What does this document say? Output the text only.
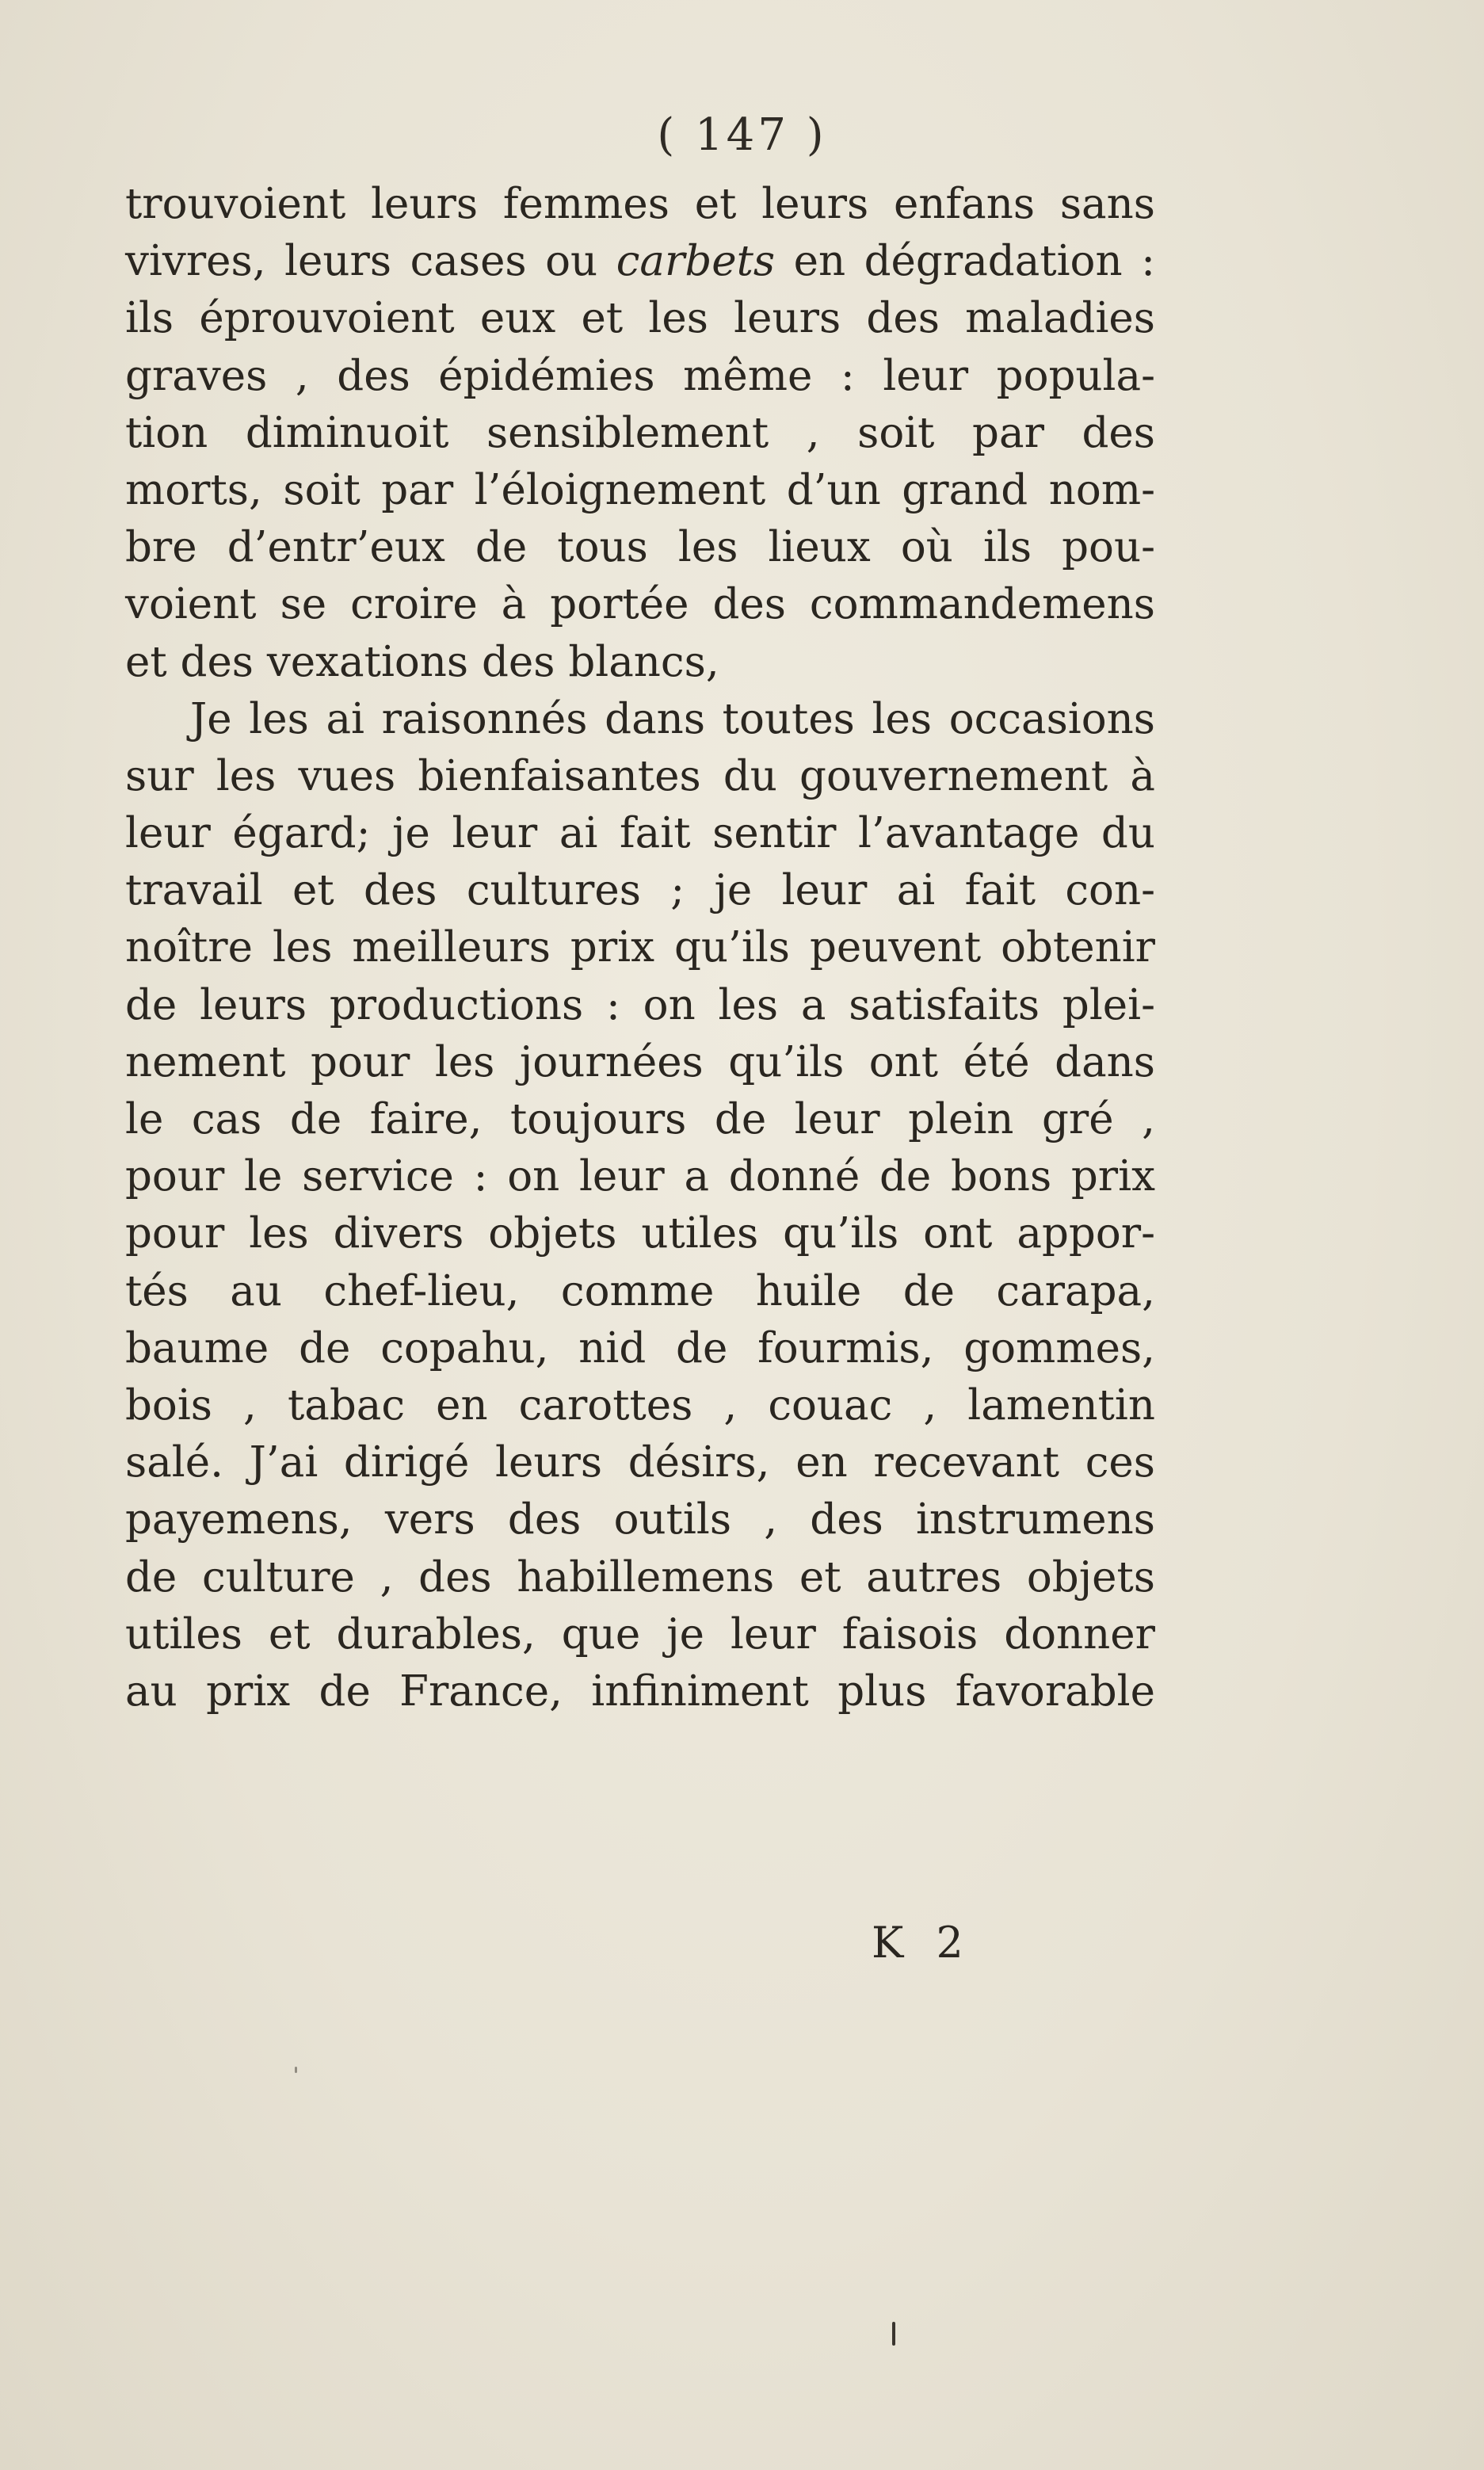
( 147 )
trouvoient leurs femmes et leurs enfans sans
vivres, leurs cases ou carbets en dégradation :
ils éprouvoient eux et les leurs des maladies
graves , des épidémies même : leur popula-
tion diminuoit sensiblement , soit par des
morts, soit par l’éloignement d’un grand nom-
bre d’entr’eux de tous les lieux où ils pou-
voient se croire à portée des commandemens
et des vexations des blancs,
Je les ai raisonnés dans toutes les occasions
sur les vues bienfaisantes du gouvernement à
leur égard; je leur ai fait sentir l’avantage du
travail et des cultures ; je leur ai fait con-
noître les meilleurs prix qu’ils peuvent obtenir
de leurs productions : on les a satisfaits plei-
nement pour les journées qu’ils ont été dans
le cas de faire, toujours de leur plein gré ,
pour le service : on leur a donné de bons prix
pour les divers objets utiles qu’ils ont appor-
tés au chef-lieu, comme huile de carapa,
baume de copahu, nid de fourmis, gommes,
bois , tabac en carottes , couac , lamentin
salé. J’ai dirigé leurs désirs, en recevant ces
payemens, vers des outils , des instrumens
de culture , des habillemens et autres objets
utiles et durables, que je leur faisois donner
au prix de France, infiniment plus favorable
K 2
